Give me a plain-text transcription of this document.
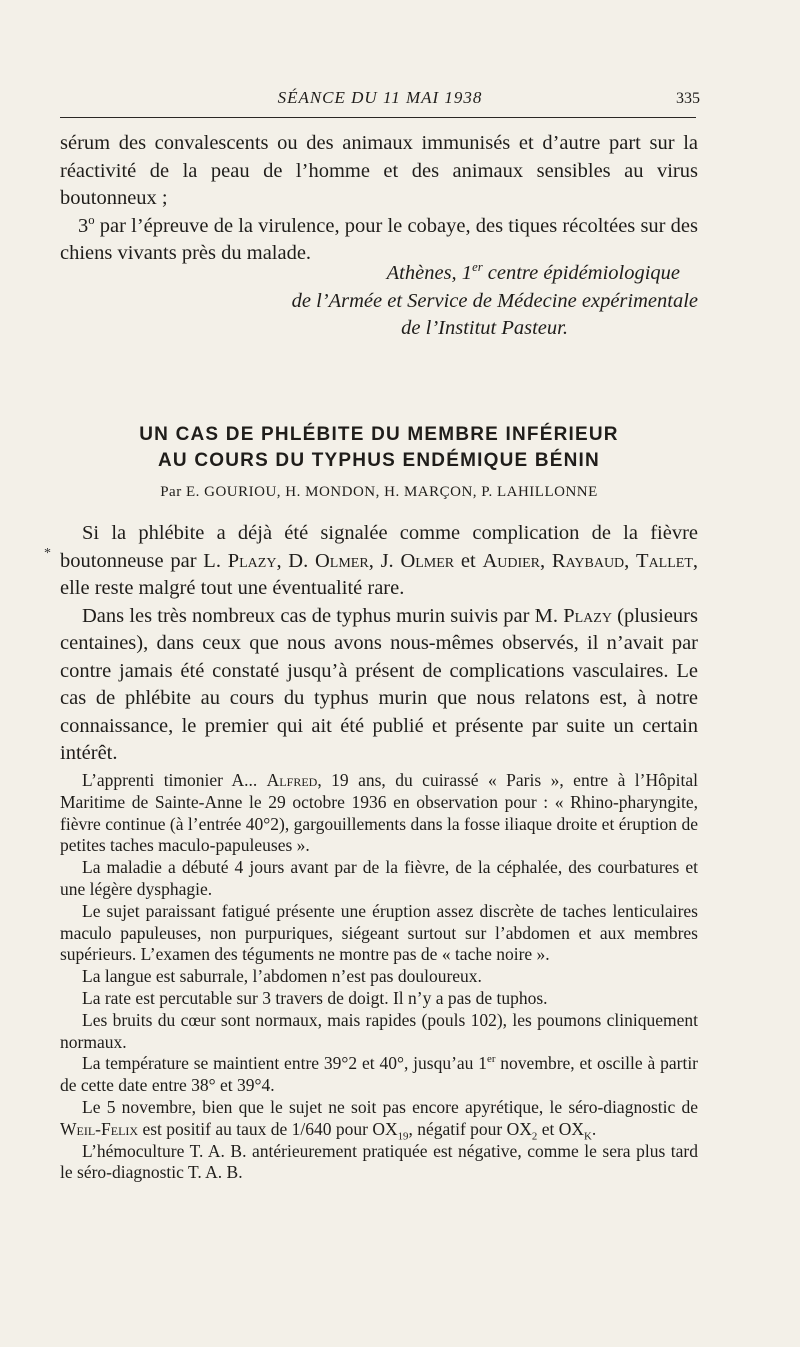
SÉANCE DU 11 MAI 1938	335

sérum des convalescents ou des animaux immunisés et d’autre part sur la réactivité de la peau de l’homme et des animaux sensibles au virus boutonneux ;

3$^o$ par l’épreuve de la virulence, pour le cobaye, des tiques récoltées sur des chiens vivants près du malade.

Athènes, 1er centre épidémiologique
de l’Armée et Service de Médecine expérimentale
de l’Institut Pasteur.
UN CAS DE PHLÉBITE DU MEMBRE INFÉRIEUR
AU COURS DU TYPHUS ENDÉMIQUE BÉNIN
Par E. GOURIOU, H. MONDON, H. MARÇON, P. LAHILLONNE
*

Si la phlébite a déjà été signalée comme complication de la fièvre boutonneuse par L. Plazy, D. Olmer, J. Olmer et Audier, Raybaud, Tallet, elle reste malgré tout une éventualité rare.

Dans les très nombreux cas de typhus murin suivis par M. Plazy (plusieurs centaines), dans ceux que nous avons nous-mêmes observés, il n’avait par contre jamais été constaté jusqu’à présent de complications vasculaires. Le cas de phlébite au cours du typhus murin que nous relatons est, à notre connaissance, le premier qui ait été publié et présente par suite un certain intérêt.

L’apprenti timonier A... Alfred, 19 ans, du cuirassé « Paris », entre à l’Hôpital Maritime de Sainte-Anne le 29 octobre 1936 en observation pour : « Rhino-pharyngite, fièvre continue (à l’entrée 40°2), gargouillements dans la fosse iliaque droite et éruption de petites taches maculo-papuleuses ».

La maladie a débuté 4 jours avant par de la fièvre, de la céphalée, des courbatures et une légère dysphagie.

Le sujet paraissant fatigué présente une éruption assez discrète de taches lenticulaires maculo papuleuses, non purpuriques, siégeant surtout sur l’abdomen et aux membres supérieurs. L’examen des téguments ne montre pas de « tache noire ».

La langue est saburrale, l’abdomen n’est pas douloureux.

La rate est percutable sur 3 travers de doigt. Il n’y a pas de tuphos.

Les bruits du cœur sont normaux, mais rapides (pouls 102), les poumons cliniquement normaux.

La température se maintient entre 39°2 et 40°, jusqu’au 1er novembre, et oscille à partir de cette date entre 38° et 39°4.

Le 5 novembre, bien que le sujet ne soit pas encore apyrétique, le séro-diagnostic de Weil-Felix est positif au taux de 1/640 pour $OX_{19}$, négatif pour $OX_2$ et $OX_K$.

L’hémoculture T. A. B. antérieurement pratiquée est négative, comme le sera plus tard le séro-diagnostic T. A. B.
